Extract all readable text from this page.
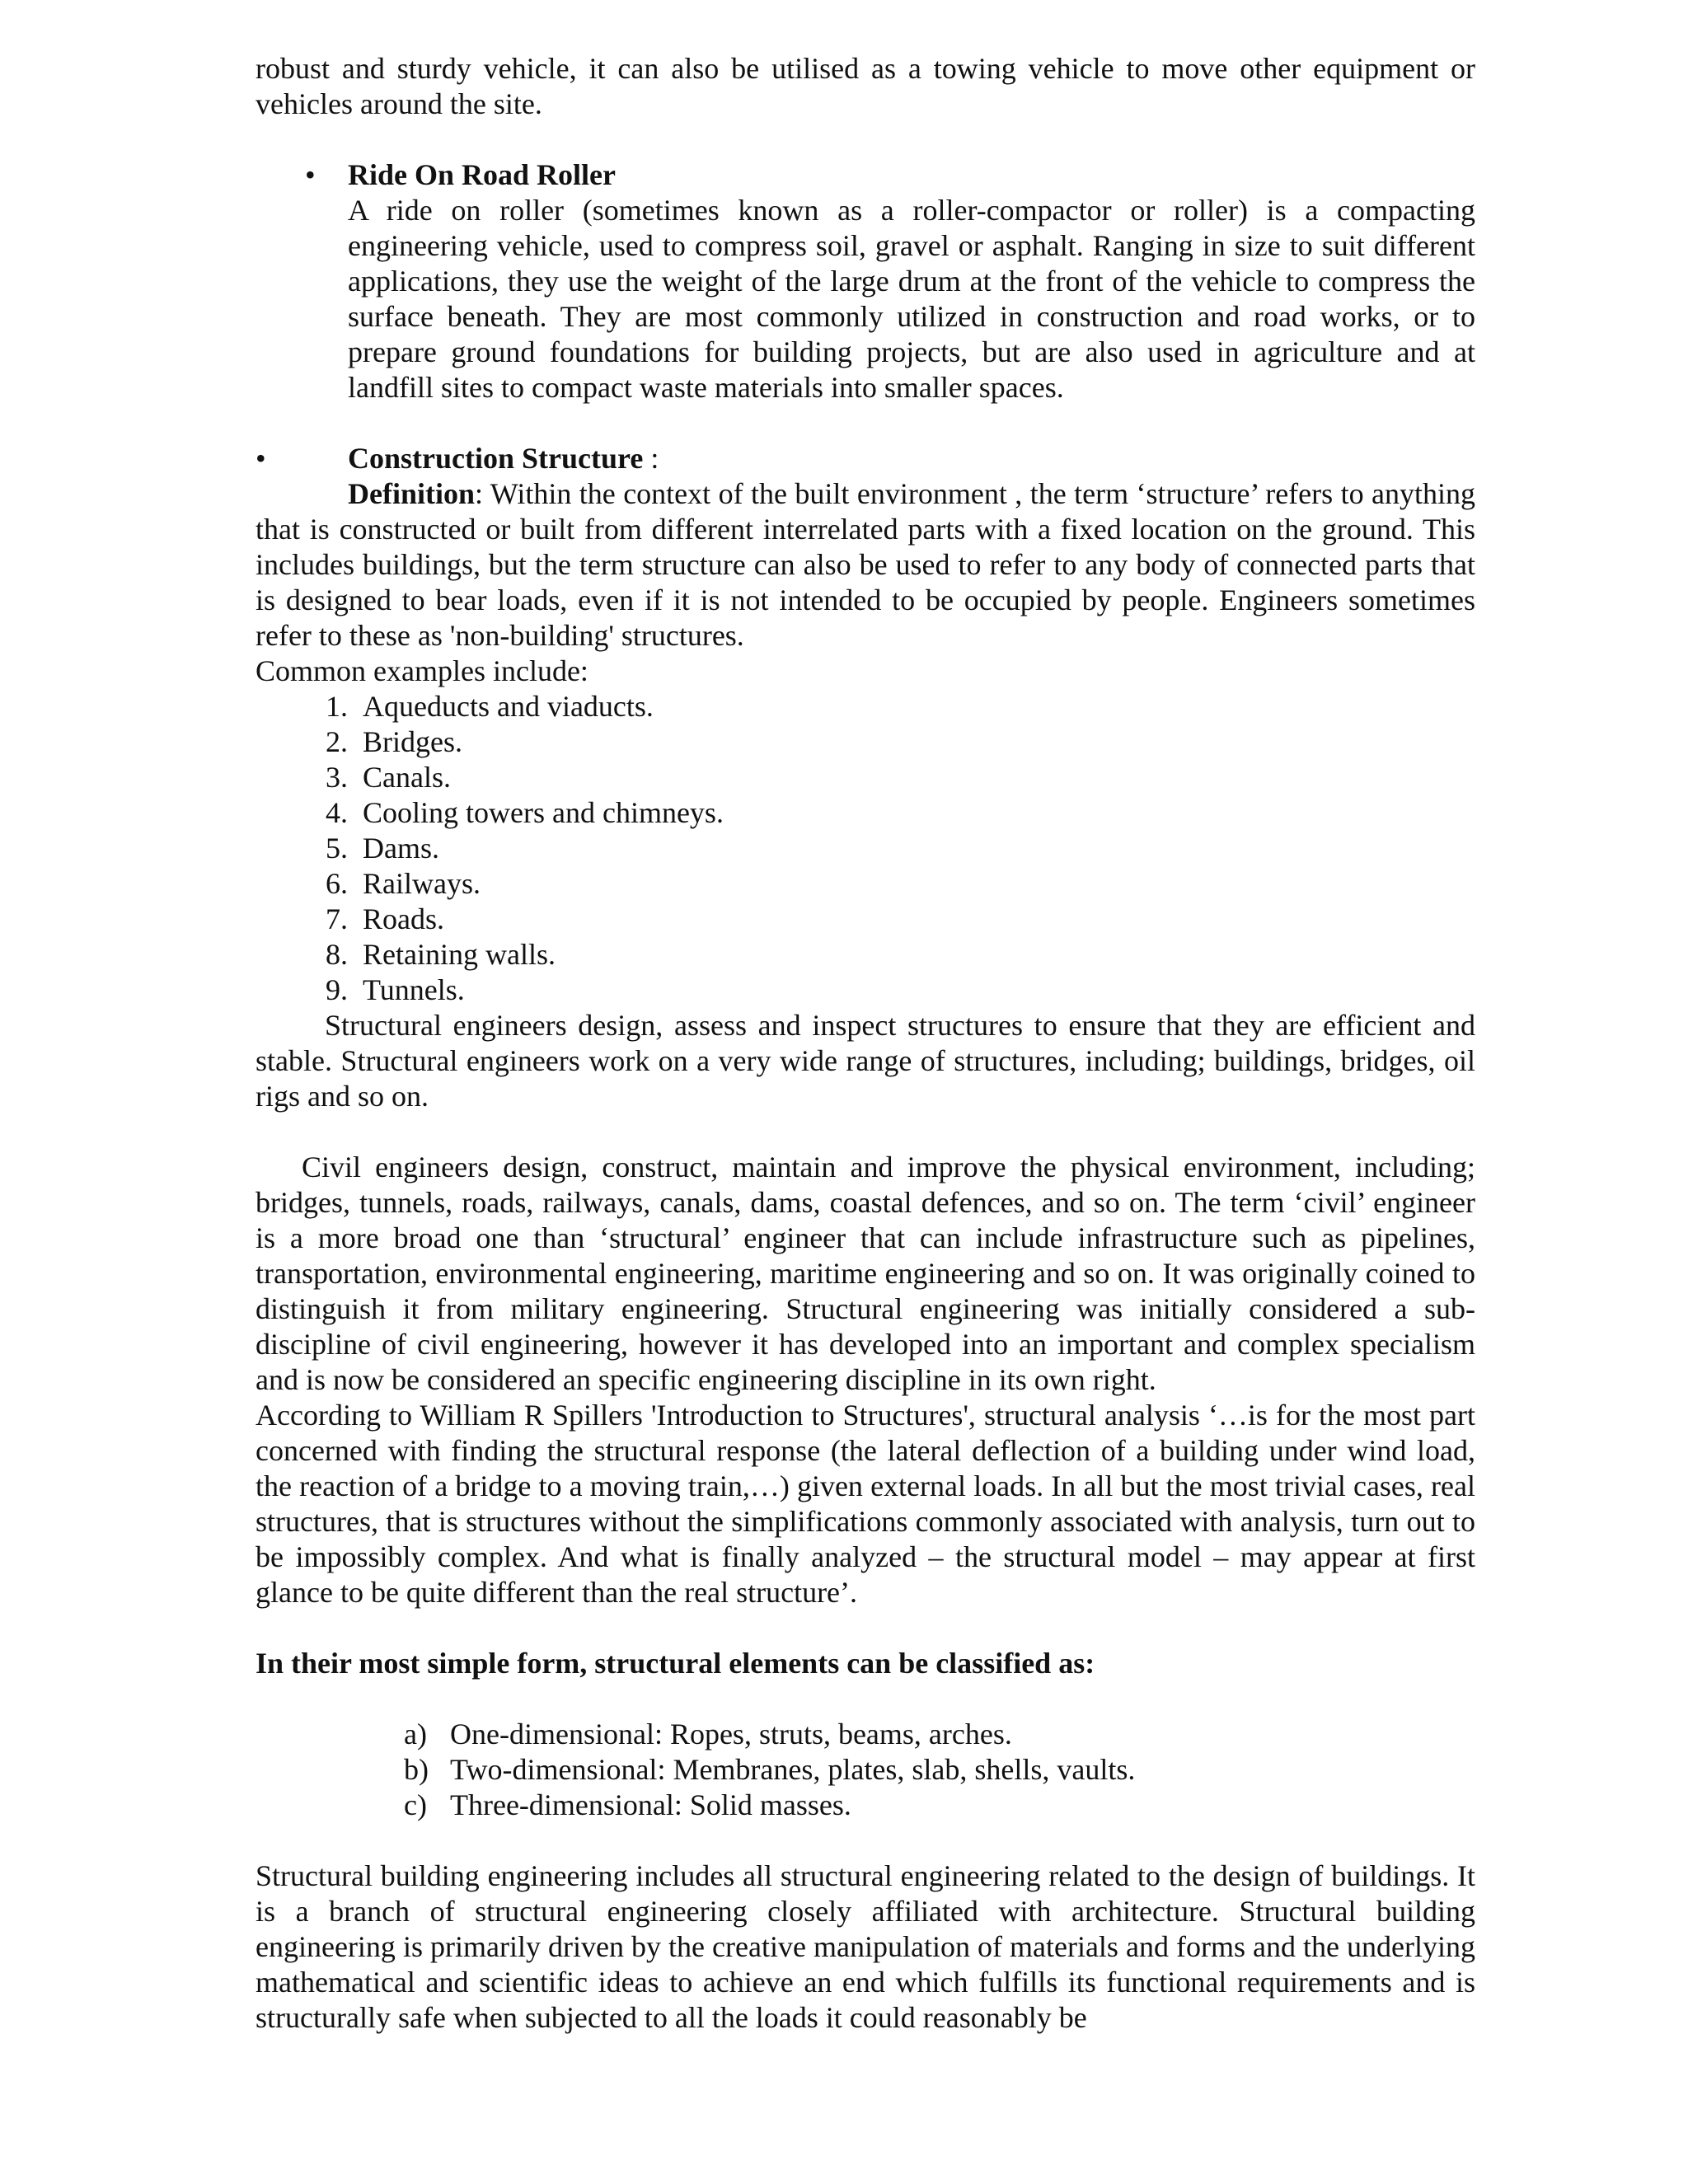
robust and sturdy vehicle, it can also be utilised as a towing vehicle to move other equipment or vehicles around the site.

• Ride On Road Roller

A ride on roller (sometimes known as a roller-compactor or roller) is a compacting engineering vehicle, used to compress soil, gravel or asphalt. Ranging in size to suit different applications, they use the weight of the large drum at the front of the vehicle to compress the surface beneath. They are most commonly utilized in construction and road works, or to prepare ground foundations for building projects, but are also used in agriculture and at landfill sites to compact waste materials into smaller spaces.

•	Construction Structure :

Definition: Within the context of the built environment , the term ‘structure’ refers to anything that is constructed or built from different interrelated parts with a fixed location on the ground. This includes buildings, but the term structure can also be used to refer to any body of connected parts that is designed to bear loads, even if it is not intended to be occupied by people. Engineers sometimes refer to these as 'non-building' structures.

Common examples include:

1. Aqueducts and viaducts.
2. Bridges.
3. Canals.
4. Cooling towers and chimneys.
5. Dams.
6. Railways.
7. Roads.
8. Retaining walls.
9. Tunnels.

Structural engineers design, assess and inspect structures to ensure that they are efficient and stable. Structural engineers work on a very wide range of structures, including; buildings, bridges, oil rigs and so on.

Civil engineers design, construct, maintain and improve the physical environment, including; bridges, tunnels, roads, railways, canals, dams, coastal defences, and so on. The term ‘civil’ engineer is a more broad one than ‘structural’ engineer that can include infrastructure such as pipelines, transportation, environmental engineering, maritime engineering and so on. It was originally coined to distinguish it from military engineering. Structural engineering was initially considered a sub-discipline of civil engineering, however it has developed into an important and complex specialism and is now be considered an specific engineering discipline in its own right.

According to William R Spillers 'Introduction to Structures', structural analysis ‘…is for the most part concerned with finding the structural response (the lateral deflection of a building under wind load, the reaction of a bridge to a moving train,…) given external loads. In all but the most trivial cases, real structures, that is structures without the simplifications commonly associated with analysis, turn out to be impossibly complex. And what is finally analyzed – the structural model – may appear at first glance to be quite different than the real structure’.

In their most simple form, structural elements can be classified as:

a) One-dimensional: Ropes, struts, beams, arches.
b) Two-dimensional: Membranes, plates, slab, shells, vaults.
c) Three-dimensional: Solid masses.

Structural building engineering includes all structural engineering related to the design of buildings. It is a branch of structural engineering closely affiliated with architecture. Structural building engineering is primarily driven by the creative manipulation of materials and forms and the underlying mathematical and scientific ideas to achieve an end which fulfills its functional requirements and is structurally safe when subjected to all the loads it could reasonably be
